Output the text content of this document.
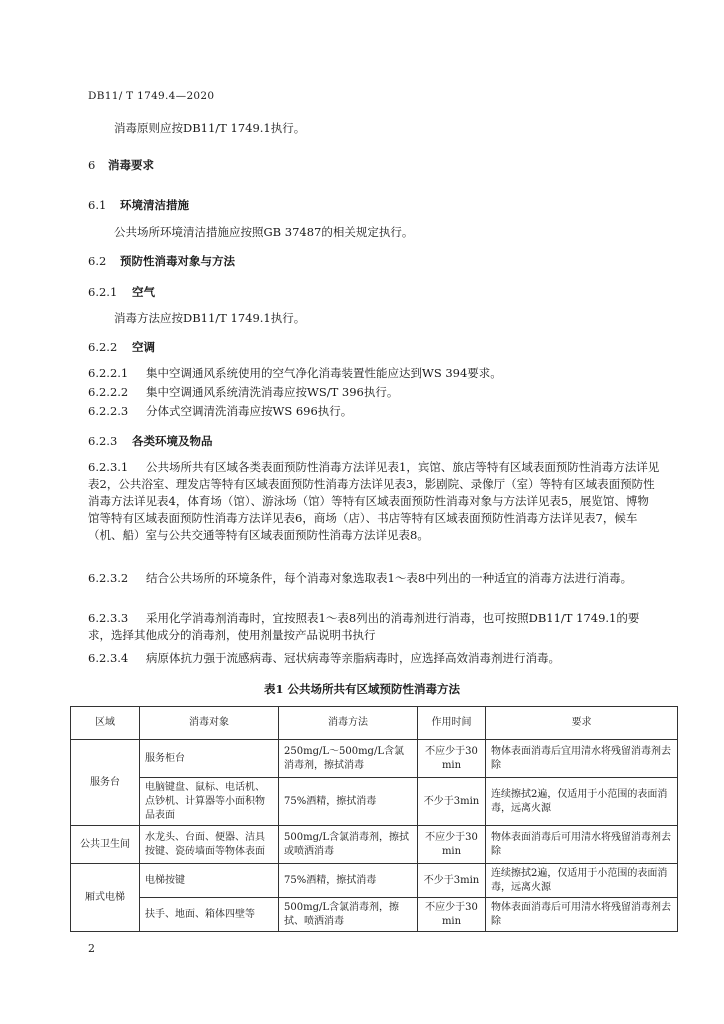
DB11/ T 1749.4—2020
消毒原则应按DB11/T 1749.1执行。
6 消毒要求
6.1 环境清洁措施
公共场所环境清洁措施应按照GB 37487的相关规定执行。
6.2 预防性消毒对象与方法
6.2.1 空气
消毒方法应按DB11/T 1749.1执行。
6.2.2 空调
6.2.2.1 集中空调通风系统使用的空气净化消毒装置性能应达到WS 394要求。
6.2.2.2 集中空调通风系统清洗消毒应按WS/T 396执行。
6.2.2.3 分体式空调清洗消毒应按WS 696执行。
6.2.3 各类环境及物品
6.2.3.1 公共场所共有区域各类表面预防性消毒方法详见表1，宾馆、旅店等特有区域表面预防性消毒方法详见表2，公共浴室、理发店等特有区域表面预防性消毒方法详见表3，影剧院、录像厅（室）等特有区域表面预防性消毒方法详见表4，体育场（馆）、游泳场（馆）等特有区域表面预防性消毒对象与方法详见表5，展览馆、博物馆等特有区域表面预防性消毒方法详见表6，商场（店）、书店等特有区域表面预防性消毒方法详见表7，候车（机、船）室与公共交通等特有区域表面预防性消毒方法详见表8。
6.2.3.2 结合公共场所的环境条件，每个消毒对象选取表1～表8中列出的一种适宜的消毒方法进行消毒。
6.2.3.3 采用化学消毒剂消毒时，宜按照表1～表8列出的消毒剂进行消毒，也可按照DB11/T 1749.1的要求，选择其他成分的消毒剂，使用剂量按产品说明书执行
6.2.3.4 病原体抗力强于流感病毒、冠状病毒等亲脂病毒时，应选择高效消毒剂进行消毒。
表1 公共场所共有区域预防性消毒方法
区域	消毒对象	消毒方法	作用时间	要求
服务台	服务柜台	250mg/L～500mg/L含氯消毒剂，擦拭消毒	不应少于30 min	物体表面消毒后宜用清水将残留消毒剂去除
	电脑键盘、鼠标、电话机、点钞机、计算器等小面积物品表面	75%酒精，擦拭消毒	不少于3min	连续擦拭2遍，仅适用于小范围的表面消毒，远离火源
公共卫生间	水龙头、台面、便器、洁具按键、瓷砖墙面等物体表面	500mg/L含氯消毒剂，擦拭或喷洒消毒	不应少于30 min	物体表面消毒后可用清水将残留消毒剂去除
厢式电梯	电梯按键	75%酒精，擦拭消毒	不少于3min	连续擦拭2遍，仅适用于小范围的表面消毒，远离火源
	扶手、地面、箱体四壁等	500mg/L含氯消毒剂，擦拭、喷洒消毒	不应少于30 min	物体表面消毒后可用清水将残留消毒剂去除
2
